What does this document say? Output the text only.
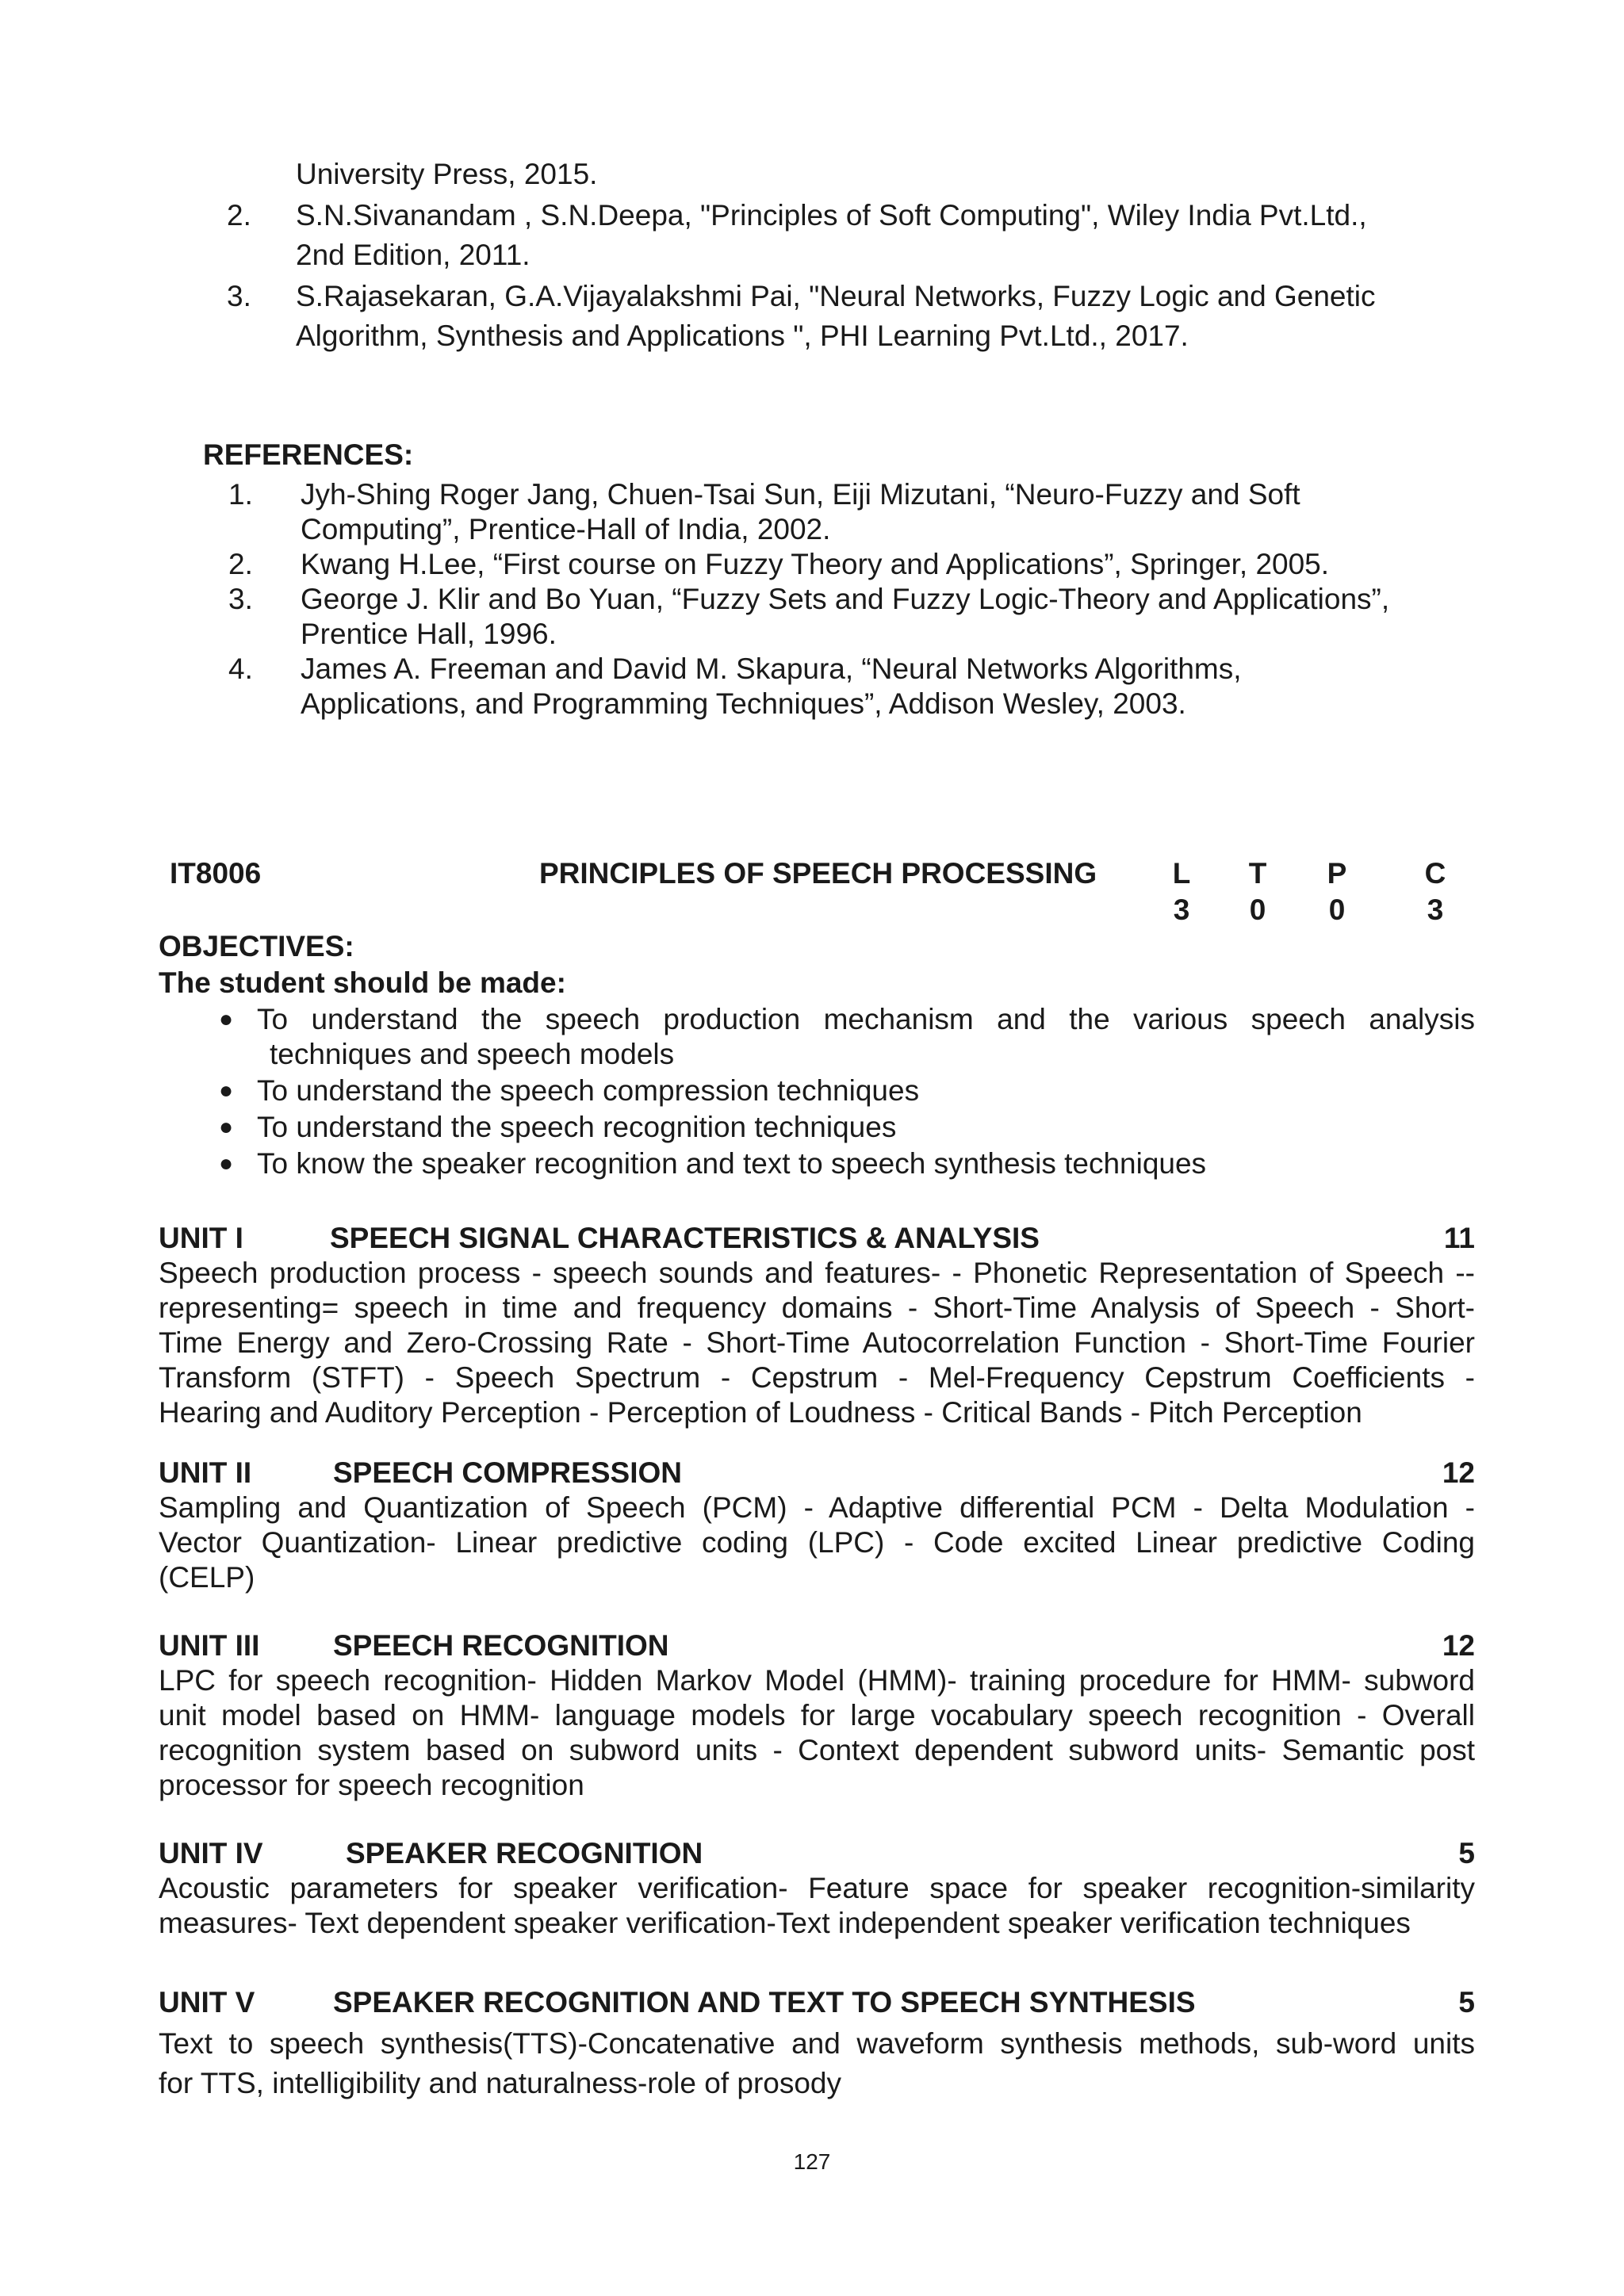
University Press, 2015.
2. S.N.Sivanandam , S.N.Deepa, "Principles of Soft Computing", Wiley India Pvt.Ltd.,
2nd Edition, 2011.
3. S.Rajasekaran, G.A.Vijayalakshmi Pai, "Neural Networks, Fuzzy Logic and Genetic
Algorithm, Synthesis and Applications ", PHI Learning Pvt.Ltd., 2017.
REFERENCES:
1. Jyh-Shing Roger Jang, Chuen-Tsai Sun, Eiji Mizutani, “Neuro-Fuzzy and Soft
Computing”, Prentice-Hall of India, 2002.
2. Kwang H.Lee, “First course on Fuzzy Theory and Applications”, Springer, 2005.
3. George J. Klir and Bo Yuan, “Fuzzy Sets and Fuzzy Logic-Theory and Applications”,
Prentice Hall, 1996.
4. James A. Freeman and David M. Skapura, “Neural Networks Algorithms,
Applications, and Programming Techniques”, Addison Wesley, 2003.
IT8006	PRINCIPLES OF SPEECH PROCESSING	L	T	P	C
3	0	0	3
OBJECTIVES:
The student should be made:
● To understand the speech production mechanism and the various speech analysis
techniques and speech models
● To understand the speech compression techniques
● To understand the speech recognition techniques
● To know the speaker recognition and text to speech synthesis techniques
UNIT I	SPEECH SIGNAL CHARACTERISTICS & ANALYSIS	11
Speech production process - speech sounds and features- - Phonetic Representation of Speech --
representing= speech in time and frequency domains - Short-Time Analysis of Speech - Short-
Time Energy and Zero-Crossing Rate - Short-Time Autocorrelation Function - Short-Time Fourier
Transform (STFT) - Speech Spectrum - Cepstrum - Mel-Frequency Cepstrum Coefficients -
Hearing and Auditory Perception - Perception of Loudness - Critical Bands - Pitch Perception
UNIT II	SPEECH COMPRESSION	12
Sampling and Quantization of Speech (PCM) - Adaptive differential PCM - Delta Modulation -
Vector Quantization- Linear predictive coding (LPC) - Code excited Linear predictive Coding
(CELP)
UNIT III	SPEECH RECOGNITION	12
LPC for speech recognition- Hidden Markov Model (HMM)- training procedure for HMM- subword
unit model based on HMM- language models for large vocabulary speech recognition - Overall
recognition system based on subword units - Context dependent subword units- Semantic post
processor for speech recognition
UNIT IV	SPEAKER RECOGNITION	5
Acoustic parameters for speaker verification- Feature space for speaker recognition-similarity
measures- Text dependent speaker verification-Text independent speaker verification techniques
UNIT V	SPEAKER RECOGNITION AND TEXT TO SPEECH SYNTHESIS	5
Text to speech synthesis(TTS)-Concatenative and waveform synthesis methods, sub-word units
for TTS, intelligibility and naturalness-role of prosody
127
